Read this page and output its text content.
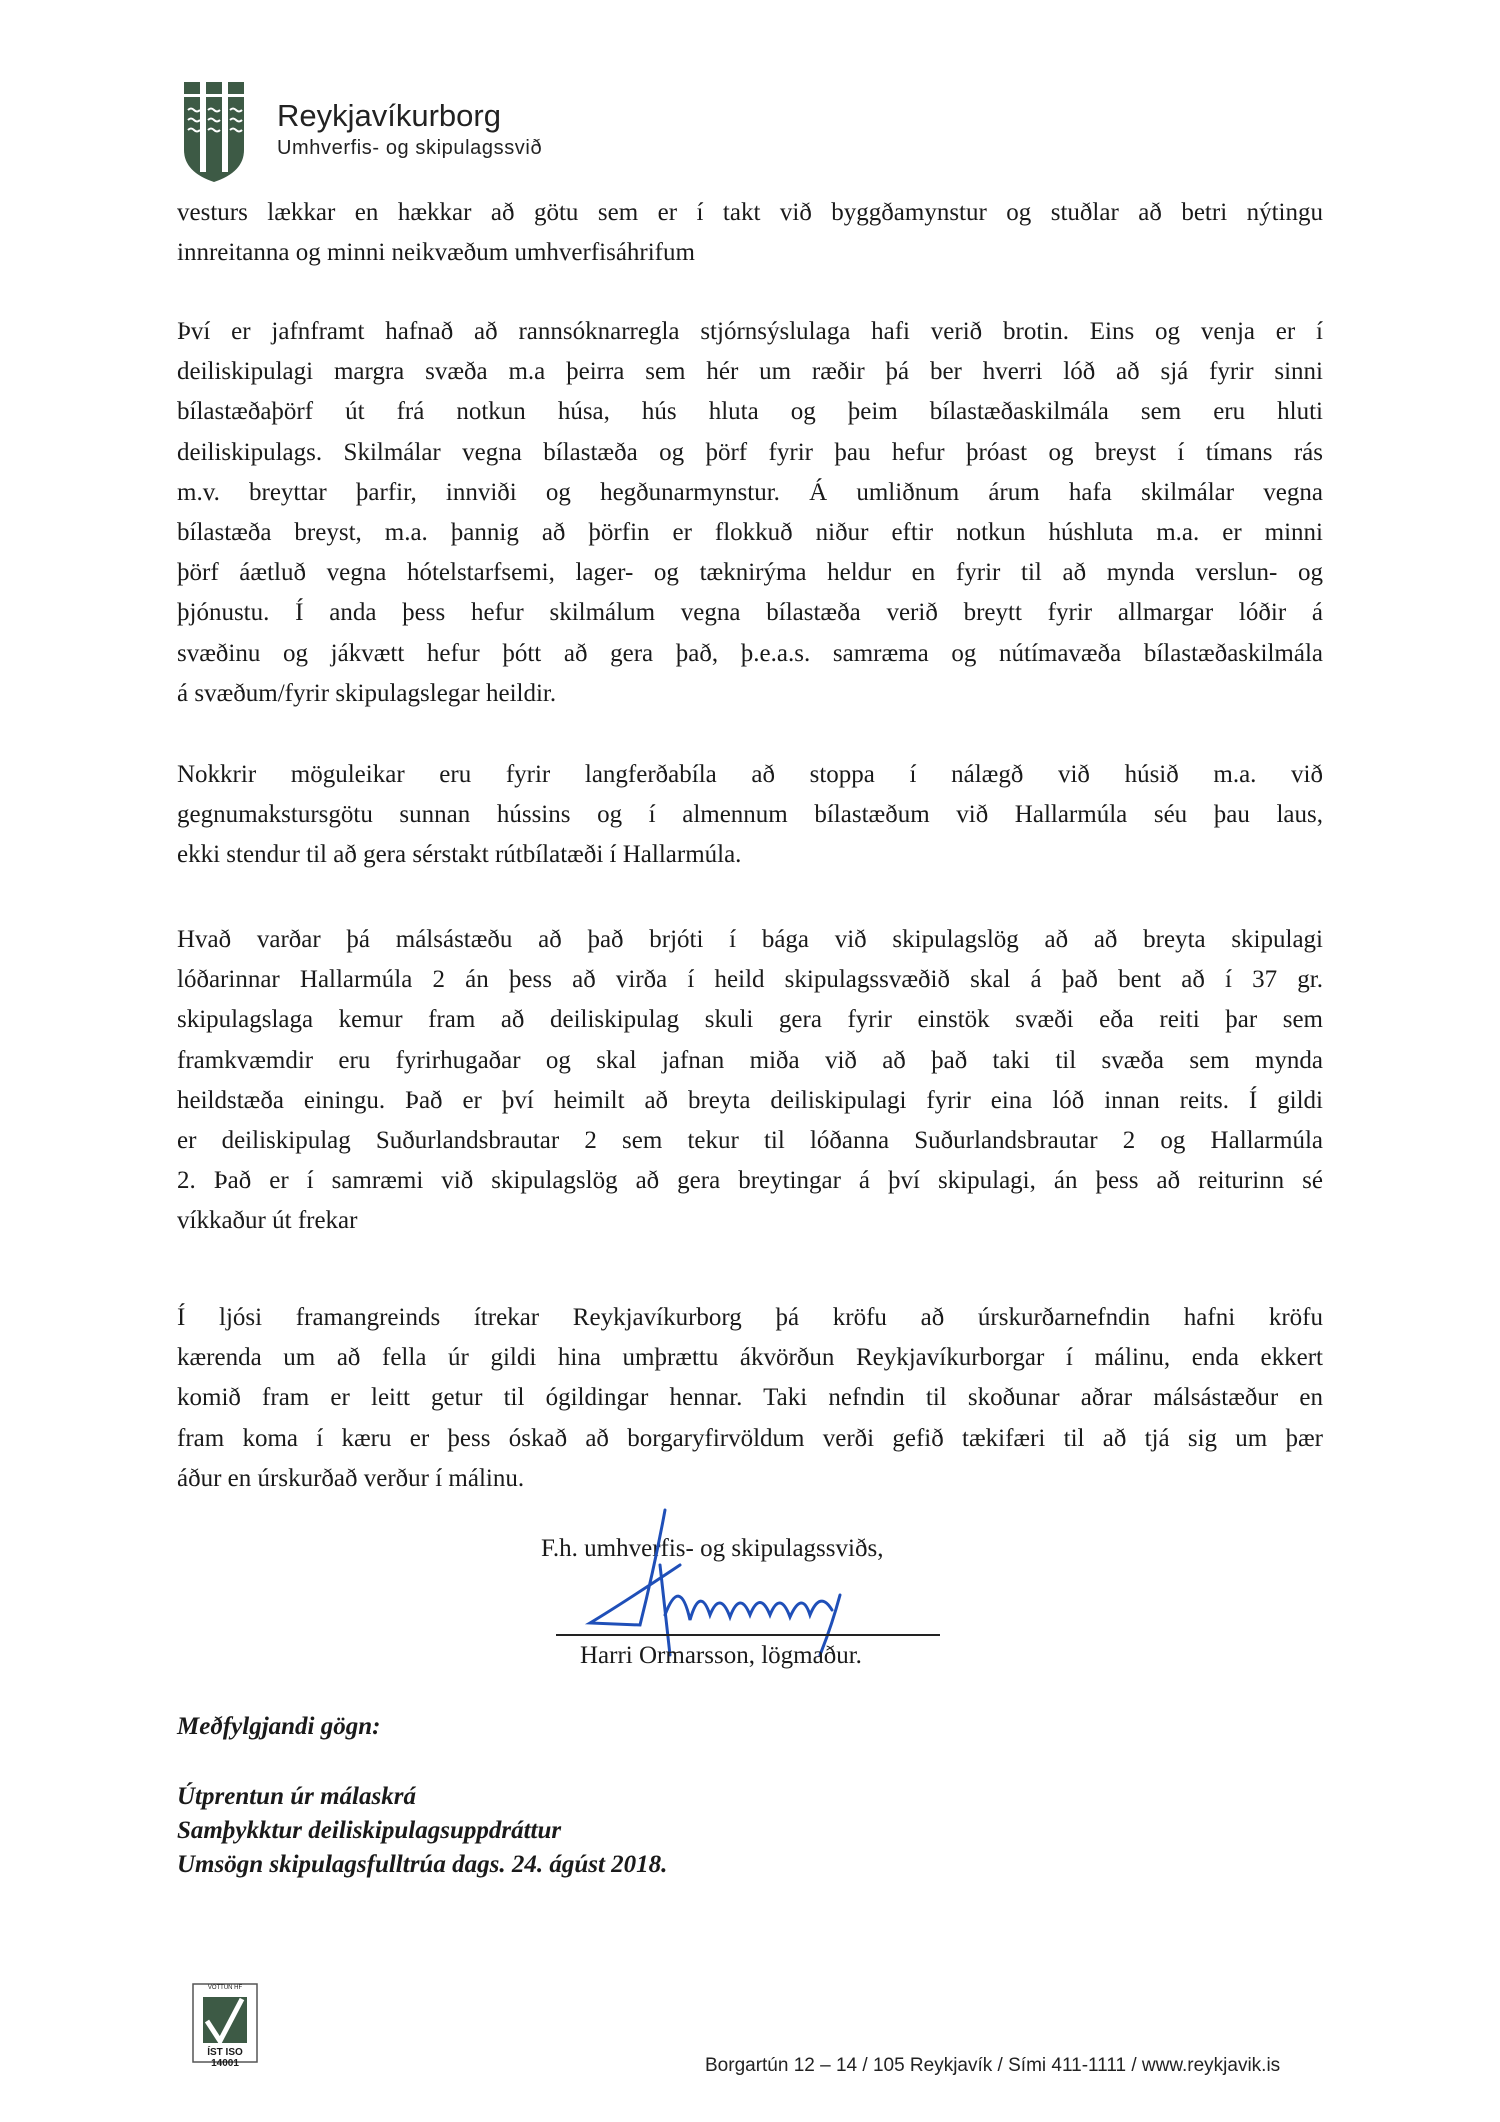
Reykjavíkurborg
Umhverfis- og skipulagssvið
vesturs lækkar en hækkar að götu sem er í takt við byggðamynstur og stuðlar að betri nýtingu
innreitanna og minni neikvæðum umhverfisáhrifum
Því er jafnframt hafnað að rannsóknarregla stjórnsýslulaga hafi verið brotin. Eins og venja er í
deiliskipulagi margra svæða m.a þeirra sem hér um ræðir þá ber hverri lóð að sjá fyrir sinni
bílastæðaþörf út frá notkun húsa, hús hluta og þeim bílastæðaskilmála sem eru hluti
deiliskipulags. Skilmálar vegna bílastæða og þörf fyrir þau hefur þróast og breyst í tímans rás
m.v. breyttar þarfir, innviði og hegðunarmynstur. Á umliðnum árum hafa skilmálar vegna
bílastæða breyst, m.a. þannig að þörfin er flokkuð niður eftir notkun húshluta m.a. er minni
þörf áætluð vegna hótelstarfsemi, lager- og tæknirýma heldur en fyrir til að mynda verslun- og
þjónustu. Í anda þess hefur skilmálum vegna bílastæða verið breytt fyrir allmargar lóðir á
svæðinu og jákvætt hefur þótt að gera það, þ.e.a.s. samræma og nútímavæða bílastæðaskilmála
á svæðum/fyrir skipulagslegar heildir.
Nokkrir möguleikar eru fyrir langferðabíla að stoppa í nálægð við húsið m.a. við
gegnumakstursgötu sunnan hússins og í almennum bílastæðum við Hallarmúla séu þau laus,
ekki stendur til að gera sérstakt rútbílatæði í Hallarmúla.
Hvað varðar þá málsástæðu að það brjóti í bága við skipulagslög að að breyta skipulagi
lóðarinnar Hallarmúla 2 án þess að virða í heild skipulagssvæðið skal á það bent að í 37 gr.
skipulagslaga kemur fram að deiliskipulag skuli gera fyrir einstök svæði eða reiti þar sem
framkvæmdir eru fyrirhugaðar og skal jafnan miða við að það taki til svæða sem mynda
heildstæða einingu. Það er því heimilt að breyta deiliskipulagi fyrir eina lóð innan reits. Í gildi
er deiliskipulag Suðurlandsbrautar 2 sem tekur til lóðanna Suðurlandsbrautar 2 og Hallarmúla
2. Það er í samræmi við skipulagslög að gera breytingar á því skipulagi, án þess að reiturinn sé
víkkaður út frekar
Í ljósi framangreinds ítrekar Reykjavíkurborg þá kröfu að úrskurðarnefndin hafni kröfu
kærenda um að fella úr gildi hina umþrættu ákvörðun Reykjavíkurborgar í málinu, enda ekkert
komið fram er leitt getur til ógildingar hennar. Taki nefndin til skoðunar aðrar málsástæður en
fram koma í kæru er þess óskað að borgaryfirvöldum verði gefið tækifæri til að tjá sig um þær
áður en úrskurðað verður í málinu.
F.h. umhverfis- og skipulagssviðs,
Harri Ormarsson, lögmaður.
Meðfylgjandi gögn:
Útprentun úr málaskrá
Samþykktur deiliskipulagsuppdráttur
Umsögn skipulagsfulltrúa dags. 24. ágúst 2018.
VOTTUN HF
ÍST ISO 14001	Borgartún 12 – 14 / 105 Reykjavík / Sími 411-1111 / www.reykjavik.is
